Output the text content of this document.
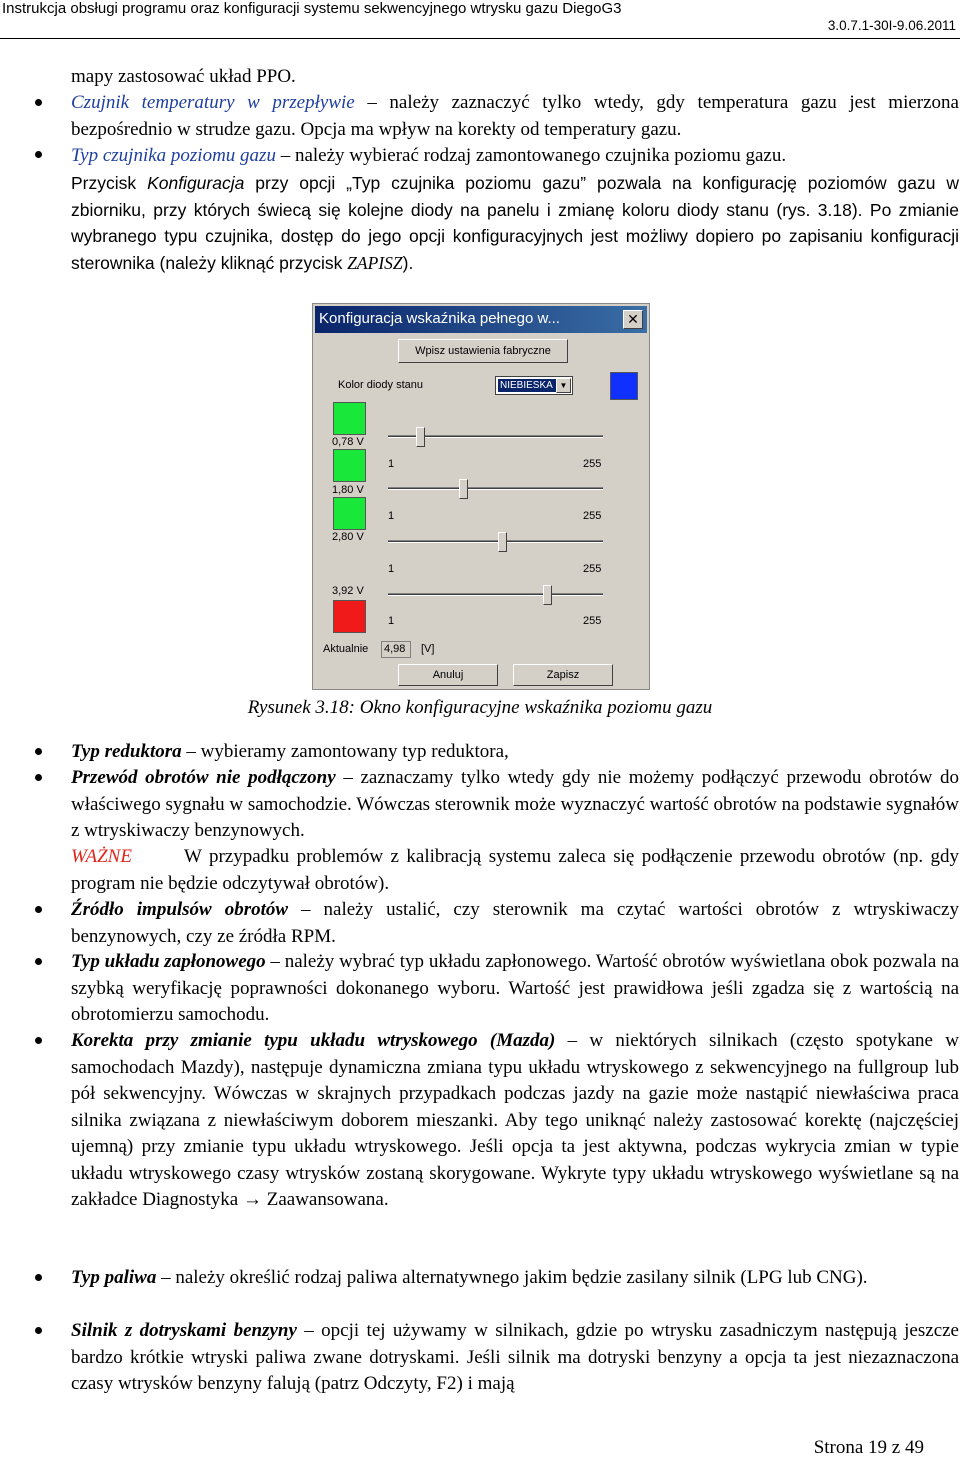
Instrukcja obsługi programu oraz konfiguracji systemu sekwencyjnego wtrysku gazu DiegoG3
3.0.7.1-30I-9.06.2011
mapy zastosować układ PPO.
Czujnik temperatury w przepływie – należy zaznaczyć tylko wtedy, gdy temperatura gazu jest mierzona bezpośrednio w strudze gazu. Opcja ma wpływ na korekty od temperatury gazu.
Typ czujnika poziomu gazu – należy wybierać rodzaj zamontowanego czujnika poziomu gazu.
Przycisk Konfiguracja przy opcji „Typ czujnika poziomu gazu” pozwala na konfigurację poziomów gazu w zbiorniku, przy których świecą się kolejne diody na panelu i zmianę koloru diody stanu (rys. 3.18). Po zmianie wybranego typu czujnika, dostęp do jego opcji konfiguracyjnych jest możliwy dopiero po zapisaniu konfiguracji sterownika (należy kliknąć przycisk ZAPISZ).
Konfiguracja wskaźnika pełnego w...	✕
Wpisz ustawienia fabryczne
Kolor diody stanu	NIEBIESKA ▼
0,78 V
1	255
1,80 V
1	255
2,80 V
1	255
3,92 V
1	255
Aktualnie 4,98	[V]
Anuluj	Zapisz
Rysunek 3.18: Okno konfiguracyjne wskaźnika poziomu gazu
Typ reduktora – wybieramy zamontowany typ reduktora,
Przewód obrotów nie podłączony – zaznaczamy tylko wtedy gdy nie możemy podłączyć przewodu obrotów do właściwego sygnału w samochodzie. Wówczas sterownik może wyznaczyć wartość obrotów na podstawie sygnałów z wtryskiwaczy benzynowych.
WAŻNE	W przypadku problemów z kalibracją systemu zaleca się podłączenie przewodu obrotów (np. gdy program nie będzie odczytywał obrotów).
Źródło impulsów obrotów – należy ustalić, czy sterownik ma czytać wartości obrotów z wtryskiwaczy benzynowych, czy ze źródła RPM.
Typ układu zapłonowego – należy wybrać typ układu zapłonowego. Wartość obrotów wyświetlana obok pozwala na szybką weryfikację poprawności dokonanego wyboru. Wartość jest prawidłowa jeśli zgadza się z wartością na obrotomierzu samochodu.
Korekta przy zmianie typu układu wtryskowego (Mazda) – w niektórych silnikach (często spotykane w samochodach Mazdy), następuje dynamiczna zmiana typu układu wtryskowego z sekwencyjnego na fullgroup lub pół sekwencyjny. Wówczas w skrajnych przypadkach podczas jazdy na gazie może nastąpić niewłaściwa praca silnika związana z niewłaściwym doborem mieszanki. Aby tego uniknąć należy zastosować korektę (najczęściej ujemną) przy zmianie typu układu wtryskowego. Jeśli opcja ta jest aktywna, podczas wykrycia zmian w typie układu wtryskowego czasy wtrysków zostaną skorygowane. Wykryte typy układu wtryskowego wyświetlane są na zakładce Diagnostyka → Zaawansowana.
Typ paliwa – należy określić rodzaj paliwa alternatywnego jakim będzie zasilany silnik (LPG lub CNG).
Silnik z dotryskami benzyny – opcji tej używamy w silnikach, gdzie po wtrysku zasadniczym następują jeszcze bardzo krótkie wtryski paliwa zwane dotryskami. Jeśli silnik ma dotryski benzyny a opcja ta jest niezaznaczona czasy wtrysków benzyny falują (patrz Odczyty, F2) i mają
Strona 19 z 49
